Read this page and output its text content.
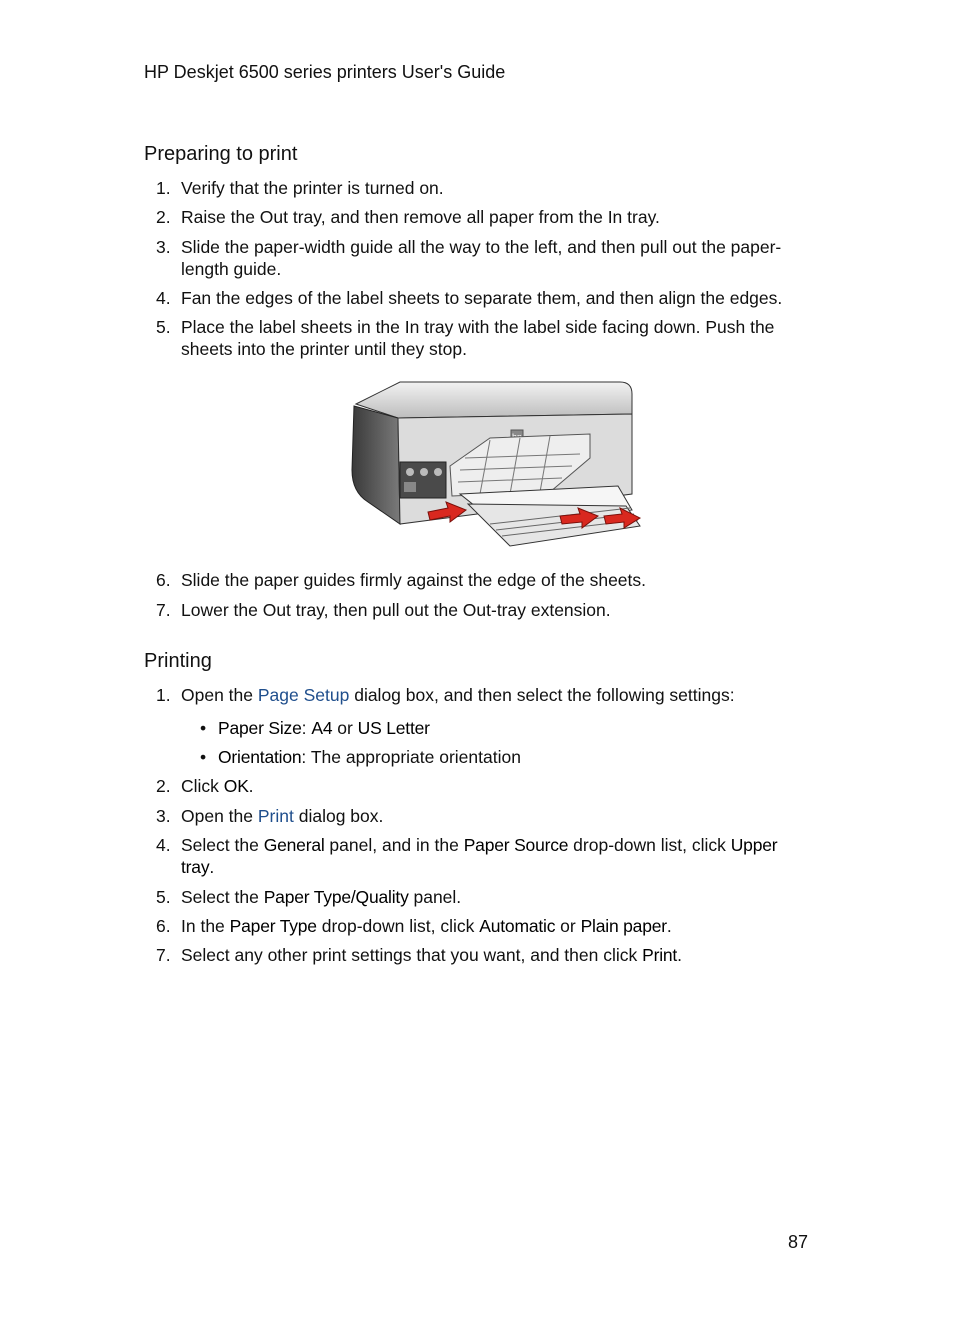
HP Deskjet 6500 series printers User's Guide
Preparing to print
1. Verify that the printer is turned on.
2. Raise the Out tray, and then remove all paper from the In tray.
3. Slide the paper-width guide all the way to the left, and then pull out the paper-
length guide.
4. Fan the edges of the label sheets to separate them, and then align the edges.
5. Place the label sheets in the In tray with the label side facing down. Push the
sheets into the printer until they stop.
6. Slide the paper guides firmly against the edge of the sheets.
7. Lower the Out tray, then pull out the Out-tray extension.
Printing
1. Open the Page Setup dialog box, and then select the following settings:
• Paper Size: A4 or US Letter
• Orientation: The appropriate orientation
2. Click OK.
3. Open the Print dialog box.
4. Select the General panel, and in the Paper Source drop-down list, click Upper
tray.
5. Select the Paper Type/Quality panel.
6. In the Paper Type drop-down list, click Automatic or Plain paper.
7. Select any other print settings that you want, and then click Print.
87
